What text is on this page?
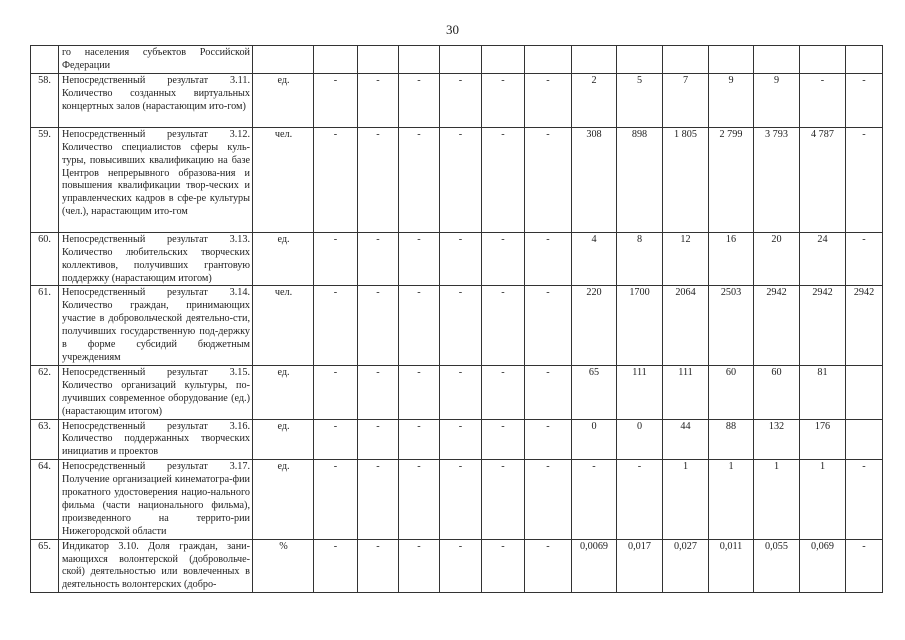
30
	го населения субъектов Российской Федерации														
58.	Непосредственный результат 3.11. Количество созданных виртуальных концертных залов (нарастающим ито-гом)	ед.	-	-	-	-	-	-	2	5	7	9	9	-	-
59.	Непосредственный результат 3.12. Количество специалистов сферы куль-туры, повысивших квалификацию на базе Центров непрерывного образова-ния и повышения квалификации твор-ческих и управленческих кадров в сфе-ре культуры (чел.), нарастающим ито-гом	чел.	-	-	-	-	-	-	308	898	1 805	2 799	3 793	4 787	-
60.	Непосредственный результат 3.13. Количество любительских творческих коллективов, получивших грантовую поддержку (нарастающим итогом)	ед.	-	-	-	-	-	-	4	8	12	16	20	24	-
61.	Непосредственный результат 3.14. Количество граждан, принимающих участие в добровольческой деятельно-сти, получивших государственную под-держку в форме субсидий бюджетным учреждениям	чел.	-	-	-	-	-	-	220	1700	2064	2503	2942	2942	2942
62.	Непосредственный результат 3.15. Количество организаций культуры, по-лучивших современное оборудование (ед.) (нарастающим итогом)	ед.	-	-	-	-	-	-	65	111	111	60	60	81	
63.	Непосредственный результат 3.16. Количество поддержанных творческих инициатив и проектов	ед.	-	-	-	-	-	-	0	0	44	88	132	176	
64.	Непосредственный результат 3.17. Получение организацией кинематогра-фии прокатного удостоверения нацио-нального фильма (части национального фильма), произведенного на террито-рии Нижегородской области	ед.	-	-	-	-	-	-	-	-	1	1	1	1	-
65.	Индикатор 3.10. Доля граждан, зани-мающихся волонтерской (добровольче-ской) деятельностью или вовлеченных в деятельность волонтерских (добро-	%	-	-	-	-	-	-	0,0069	0,017	0,027	0,011	0,055	0,069	-
